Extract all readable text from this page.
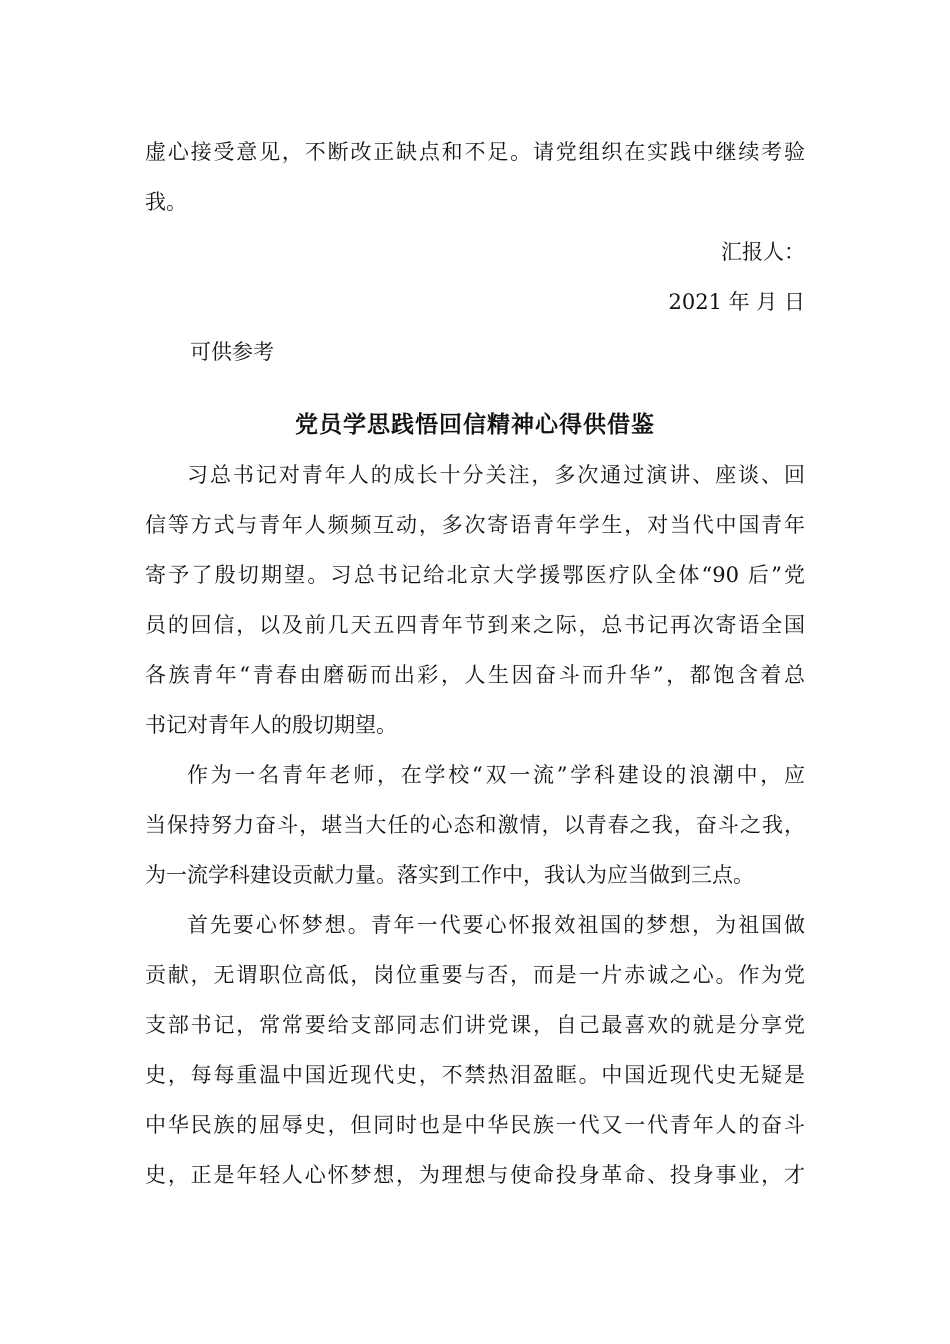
虚心接受意见，不断改正缺点和不足。请党组织在实践中继续考验
我。
汇报人：
2021 年 月 日
可供参考
党员学思践悟回信精神心得供借鉴
习总书记对青年人的成长十分关注，多次通过演讲、座谈、回
信等方式与青年人频频互动，多次寄语青年学生，对当代中国青年
寄予了殷切期望。习总书记给北京大学援鄂医疗队全体“90 后”党
员的回信，以及前几天五四青年节到来之际，总书记再次寄语全国
各族青年“青春由磨砺而出彩，人生因奋斗而升华”，都饱含着总
书记对青年人的殷切期望。
作为一名青年老师，在学校“双一流”学科建设的浪潮中，应
当保持努力奋斗，堪当大任的心态和激情，以青春之我，奋斗之我，
为一流学科建设贡献力量。落实到工作中，我认为应当做到三点。
首先要心怀梦想。青年一代要心怀报效祖国的梦想，为祖国做
贡献，无谓职位高低，岗位重要与否，而是一片赤诚之心。作为党
支部书记，常常要给支部同志们讲党课，自己最喜欢的就是分享党
史，每每重温中国近现代史，不禁热泪盈眶。中国近现代史无疑是
中华民族的屈辱史，但同时也是中华民族一代又一代青年人的奋斗
史，正是年轻人心怀梦想，为理想与使命投身革命、投身事业，才
